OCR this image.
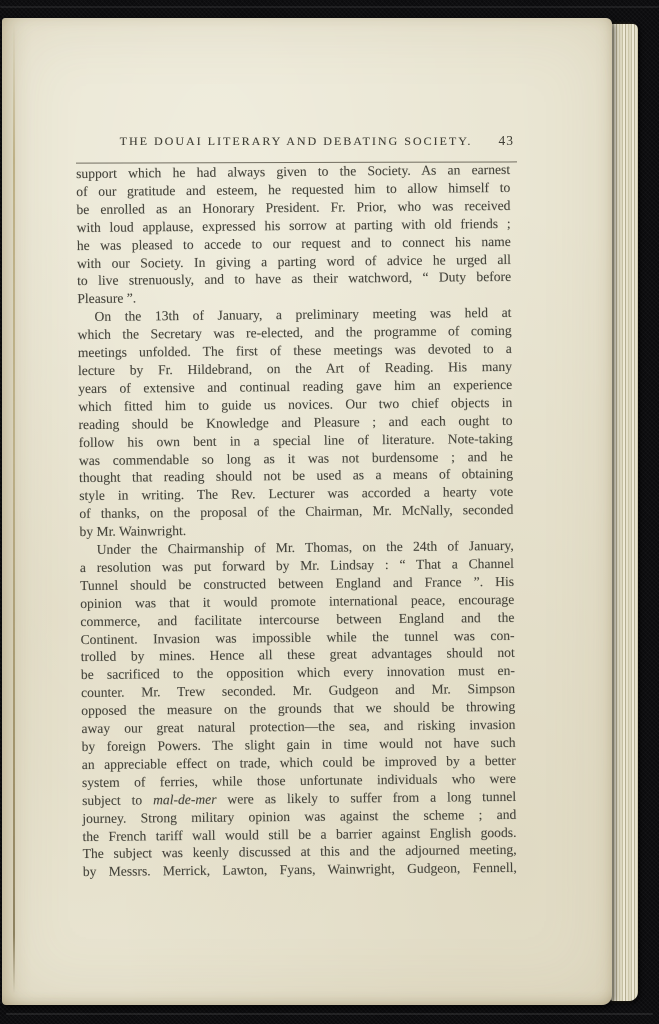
THE DOUAI LITERARY AND DEBATING SOCIETY.	43
support which he had always given to the Society. As an earnest
of our gratitude and esteem, he requested him to allow himself to
be enrolled as an Honorary President. Fr. Prior, who was received
with loud applause, expressed his sorrow at parting with old friends ;
he was pleased to accede to our request and to connect his name
with our Society. In giving a parting word of advice he urged all
to live strenuously, and to have as their watchword, “ Duty before
Pleasure ”.
On the 13th of January, a preliminary meeting was held at
which the Secretary was re-elected, and the programme of coming
meetings unfolded. The first of these meetings was devoted to a
lecture by Fr. Hildebrand, on the Art of Reading. His many
years of extensive and continual reading gave him an experience
which fitted him to guide us novices. Our two chief objects in
reading should be Knowledge and Pleasure ; and each ought to
follow his own bent in a special line of literature. Note-taking
was commendable so long as it was not burdensome ; and he
thought that reading should not be used as a means of obtaining
style in writing. The Rev. Lecturer was accorded a hearty vote
of thanks, on the proposal of the Chairman, Mr. McNally, seconded
by Mr. Wainwright.
Under the Chairmanship of Mr. Thomas, on the 24th of January,
a resolution was put forward by Mr. Lindsay : “ That a Channel
Tunnel should be constructed between England and France ”. His
opinion was that it would promote international peace, encourage
commerce, and facilitate intercourse between England and the
Continent. Invasion was impossible while the tunnel was con-
trolled by mines. Hence all these great advantages should not
be sacrificed to the opposition which every innovation must en-
counter. Mr. Trew seconded. Mr. Gudgeon and Mr. Simpson
opposed the measure on the grounds that we should be throwing
away our great natural protection—the sea, and risking invasion
by foreign Powers. The slight gain in time would not have such
an appreciable effect on trade, which could be improved by a better
system of ferries, while those unfortunate individuals who were
subject to mal-de-mer were as likely to suffer from a long tunnel
journey. Strong military opinion was against the scheme ; and
the French tariff wall would still be a barrier against English goods.
The subject was keenly discussed at this and the adjourned meeting,
by Messrs. Merrick, Lawton, Fyans, Wainwright, Gudgeon, Fennell,
